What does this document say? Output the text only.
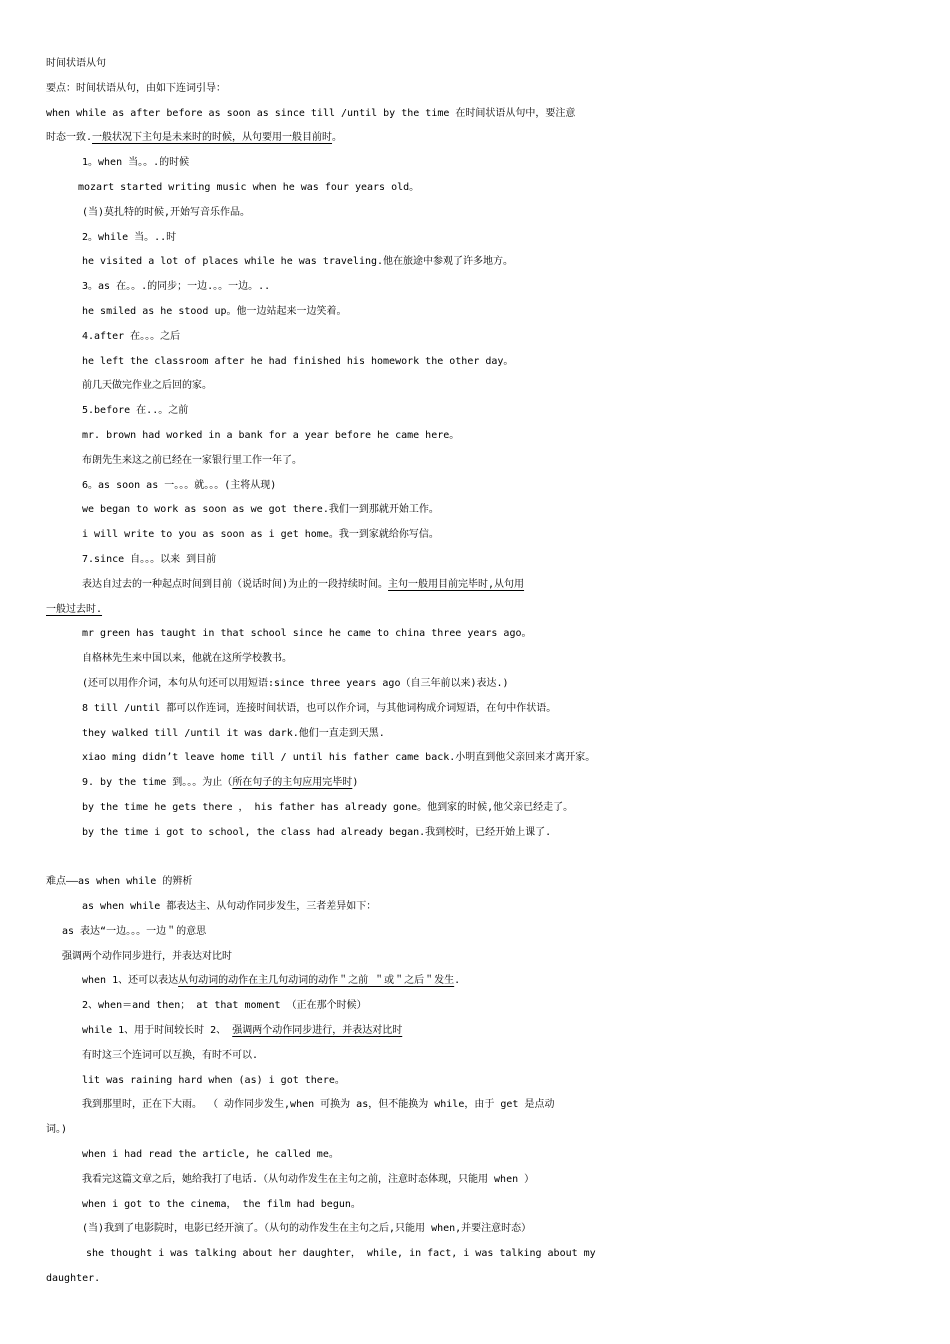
时间状语从句
要点：时间状语从句，由如下连词引导：
when while as after before as soon as since till /until by the time 在时间状语从句中，要注意
时态一致.一般状况下主句是未来时的时候，从句要用一般目前时。
1。when 当。。.的时候
mozart started writing music when he was four years old。
(当)莫扎特的时候,开始写音乐作品。
2。while 当。..时
he visited a lot of places while he was traveling.他在旅途中参观了许多地方。
3。as 在。。.的同步；一边.。。一边。..
he smiled as he stood up。他一边站起来一边笑着。
4.after 在。。。之后
he left the classroom after he had finished his homework the other day。
前几天做完作业之后回的家。
5.before 在..。之前
mr. brown had worked in a bank for a year before he came here。
布朗先生来这之前已经在一家银行里工作一年了。
6。as soon as 一。。。就。。。(主将从现)
we began to work as soon as we got there.我们一到那就开始工作。
i will write to you as soon as i get home。我一到家就给你写信。
7.since 自。。。以来 到目前
表达自过去的一种起点时间到目前（说话时间)为止的一段持续时间。主句一般用目前完毕时,从句用
一般过去时.
mr green has taught in that school since he came to china three years ago。
自格林先生来中国以来，他就在这所学校教书。
(还可以用作介词，本句从句还可以用短语:since three years ago（自三年前以来)表达.)
8 till /until 都可以作连词，连接时间状语，也可以作介词，与其他词构成介词短语，在句中作状语。
they walked till /until it was dark.他们一直走到天黑.
xiao ming didn’t leave home till / until his father came back.小明直到他父亲回来才离开家。
9. by the time 到。。。为止（所在句子的主句应用完毕时)
by the time he gets there ， his father has already gone。他到家的时候,他父亲已经走了。
by the time i got to school, the class had already began.我到校时，已经开始上课了.
难点——as when while 的辨析
as when while 都表达主、从句动作同步发生，三者差异如下：
as 表达“一边。。。一边＂的意思
强调两个动作同步进行，并表达对比时
when 1、还可以表达从句动词的动作在主几句动词的动作＂之前 ＂或＂之后＂发生.
2、when＝and then； at that moment （正在那个时候）
while 1、用于时间较长时 2、 强调两个动作同步进行，并表达对比时
有时这三个连词可以互换，有时不可以.
lit was raining hard when (as) i got there。
我到那里时，正在下大雨。 （ 动作同步发生,when 可换为 as，但不能换为 while，由于 get 是点动
词。)
when i had read the article, he called me。
我看完这篇文章之后，她给我打了电话.（从句动作发生在主句之前，注意时态体现，只能用 when ）
when i got to the cinema， the film had begun。
(当)我到了电影院时，电影已经开演了。（从句的动作发生在主句之后,只能用 when,并要注意时态）
she thought i was talking about her daughter， while, in fact, i was talking about my
daughter.
